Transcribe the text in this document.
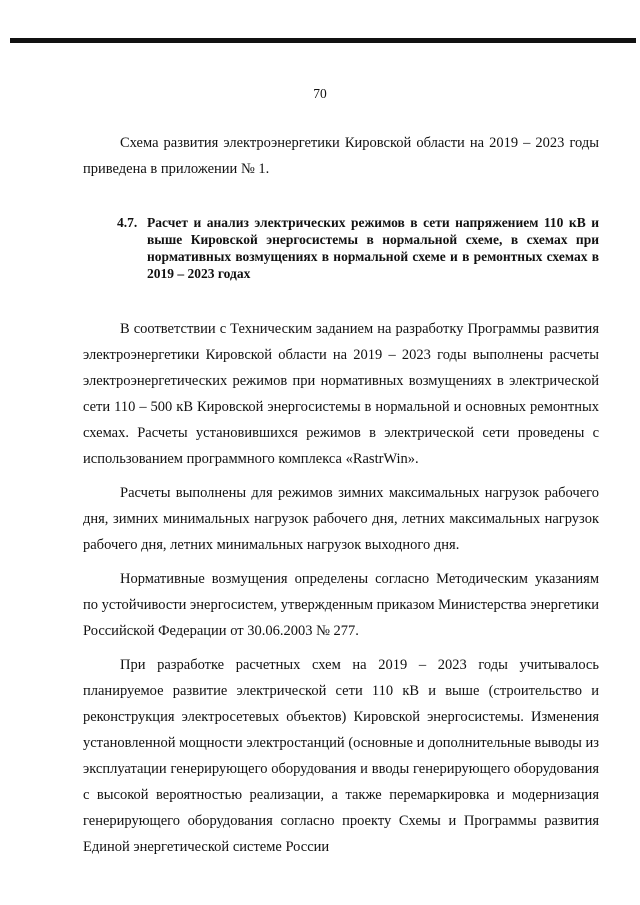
70

Схема развития электроэнергетики Кировской области на 2019 – 2023 годы приведена в приложении № 1.

4.7. Расчет и анализ электрических режимов в сети напряжением 110 кВ и выше Кировской энергосистемы в нормальной схеме, в схемах при нормативных возмущениях в нормальной схеме и в ремонтных схемах в 2019 – 2023 годах

В соответствии с Техническим заданием на разработку Программы развития электроэнергетики Кировской области на 2019 – 2023 годы выполнены расчеты электроэнергетических режимов при нормативных возмущениях в электрической сети 110 – 500 кВ Кировской энергосистемы в нормальной и основных ремонтных схемах. Расчеты установившихся режимов в электрической сети проведены с использованием программного комплекса «RastrWin».

Расчеты выполнены для режимов зимних максимальных нагрузок рабочего дня, зимних минимальных нагрузок рабочего дня, летних максимальных нагрузок рабочего дня, летних минимальных нагрузок выходного дня.

Нормативные возмущения определены согласно Методическим указаниям по устойчивости энергосистем, утвержденным приказом Министерства энергетики Российской Федерации от 30.06.2003 № 277.

При разработке расчетных схем на 2019 – 2023 годы учитывалось планируемое развитие электрической сети 110 кВ и выше (строительство и реконструкция электросетевых объектов) Кировской энергосистемы. Изменения установленной мощности электростанций (основные и дополнительные выводы из эксплуатации генерирующего оборудования и вводы генерирующего оборудования с высокой вероятностью реализации, а также перемаркировка и модернизация генерирующего оборудования согласно проекту Схемы и Программы развития Единой энергетической системе России
